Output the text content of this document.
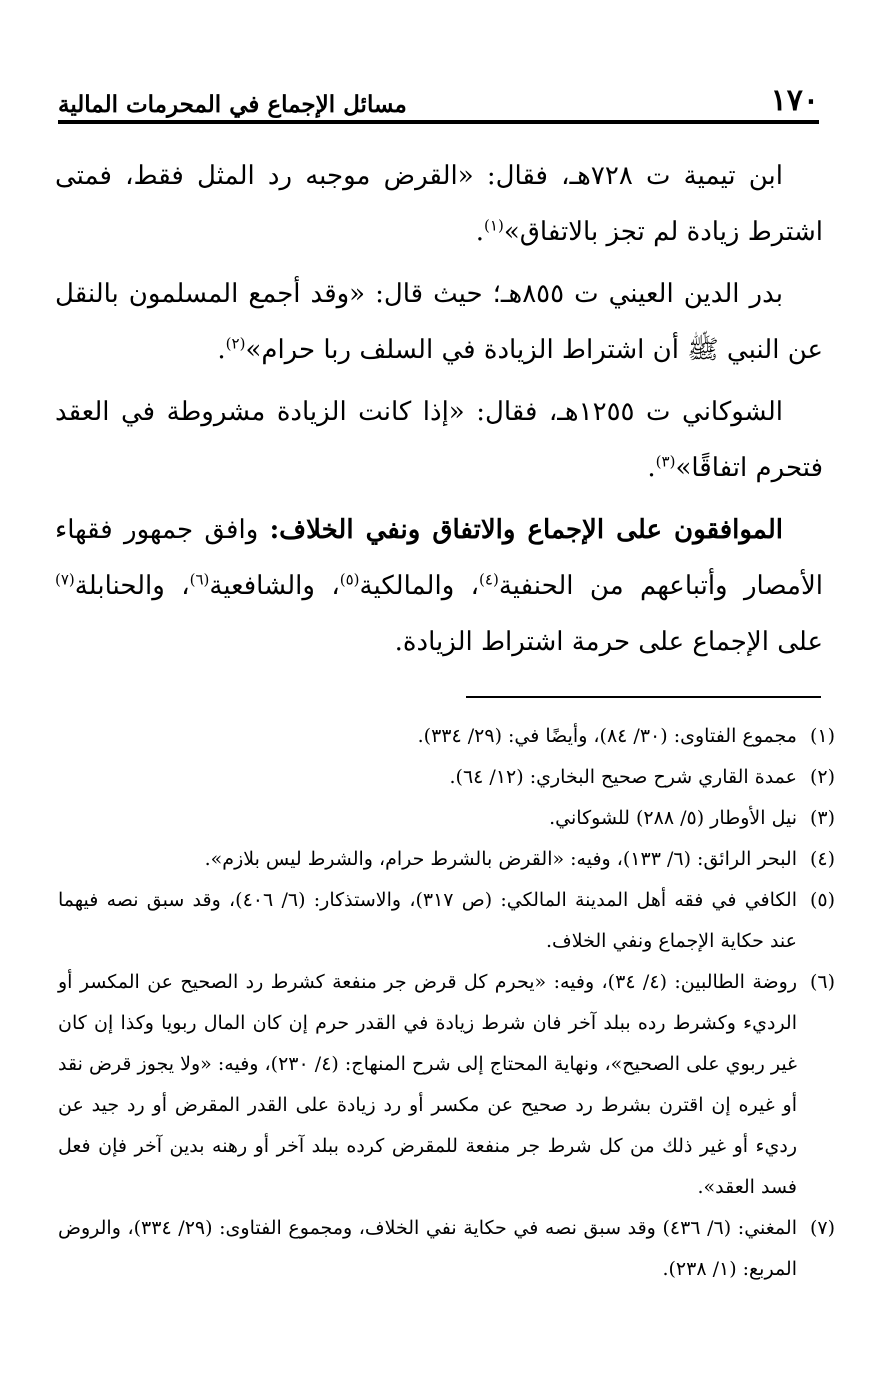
١٧٠
مسائل الإجماع في المحرمات المالية

ابن تيمية ت ٧٢٨هـ، فقال: «القرض موجبه رد المثل فقط، فمتى اشترط زيادة لم تجز بالاتفاق»$^{(١)}$.

بدر الدين العيني ت ٨٥٥هـ؛ حيث قال: «وقد أجمع المسلمون بالنقل عن النبي ﷺ أن اشتراط الزيادة في السلف ربا حرام»$^{(٢)}$.

الشوكاني ت ١٢٥٥هـ، فقال: «إذا كانت الزيادة مشروطة في العقد فتحرم اتفاقًا»$^{(٣)}$.

الموافقون على الإجماع والاتفاق ونفي الخلاف: وافق جمهور فقهاء الأمصار وأتباعهم من الحنفية$^{(٤)}$، والمالكية$^{(٥)}$، والشافعية$^{(٦)}$، والحنابلة$^{(٧)}$ على الإجماع على حرمة اشتراط الزيادة.

(١)
مجموع الفتاوى: (٣٠/ ٨٤)، وأيضًا في: (٢٩/ ٣٣٤).
(٢)
عمدة القاري شرح صحيح البخاري: (١٢/ ٦٤).
(٣)
نيل الأوطار (٥/ ٢٨٨) للشوكاني.
(٤)
البحر الرائق: (٦/ ١٣٣)، وفيه: «القرض بالشرط حرام، والشرط ليس بلازم».
(٥)
الكافي في فقه أهل المدينة المالكي: (ص ٣١٧)، والاستذكار: (٦/ ٤٠٦)، وقد سبق نصه فيهما عند حكاية الإجماع ونفي الخلاف.
(٦)
روضة الطالبين: (٤/ ٣٤)، وفيه: «يحرم كل قرض جر منفعة كشرط رد الصحيح عن المكسر أو الرديء وكشرط رده ببلد آخر فان شرط زيادة في القدر حرم إن كان المال ربويا وكذا إن كان غير ربوي على الصحيح»، ونهاية المحتاج إلى شرح المنهاج: (٤/ ٢٣٠)، وفيه: «ولا يجوز قرض نقد أو غيره إن اقترن بشرط رد صحيح عن مكسر أو رد زيادة على القدر المقرض أو رد جيد عن رديء أو غير ذلك من كل شرط جر منفعة للمقرض كرده ببلد آخر أو رهنه بدين آخر فإن فعل فسد العقد».
(٧)
المغني: (٦/ ٤٣٦) وقد سبق نصه في حكاية نفي الخلاف، ومجموع الفتاوى: (٢٩/ ٣٣٤)، والروض المربع: (١/ ٢٣٨).
